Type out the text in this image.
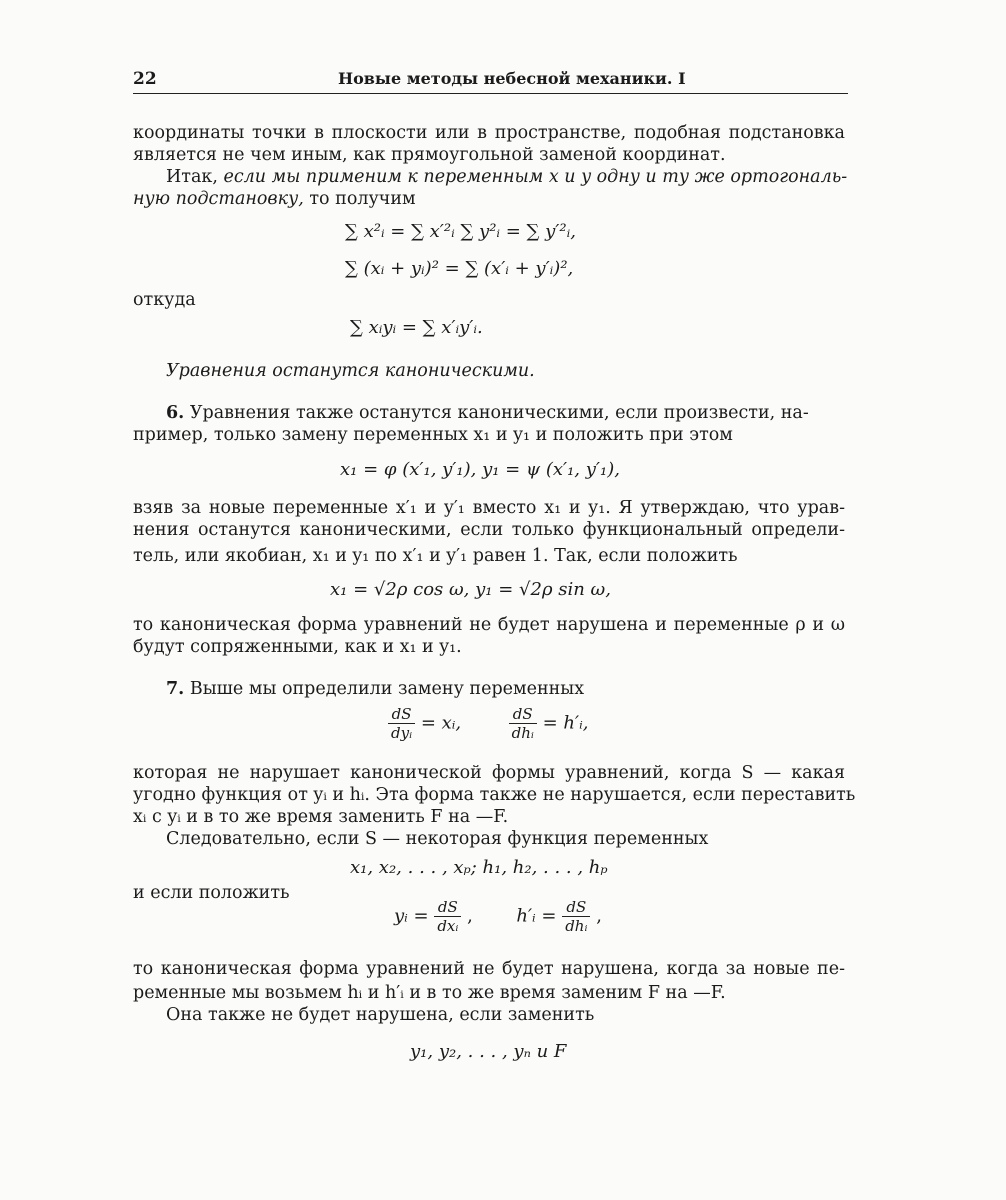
22	Новые методы небесной механики. I
координаты точки в плоскости или в пространстве, подобная подстановка
является не чем иным, как прямоугольной заменой координат.
Итак, если мы применим к переменным x и y одну и ту же ортогональ-
ную подстановку, то получим
∑ x²ᵢ = ∑ x′²ᵢ ∑ y²ᵢ = ∑ y′²ᵢ,
∑ (xᵢ + yᵢ)² = ∑ (x′ᵢ + y′ᵢ)²,
откуда
∑ xᵢyᵢ = ∑ x′ᵢy′ᵢ.
Уравнения останутся каноническими.
6. Уравнения также останутся каноническими, если произвести, на-
пример, только замену переменных x₁ и y₁ и положить при этом
x₁ = φ (x′₁, y′₁), y₁ = ψ (x′₁, y′₁),
взяв за новые переменные x′₁ и y′₁ вместо x₁ и y₁. Я утверждаю, что урав-
нения останутся каноническими, если только функциональный определи-
тель, или якобиан, x₁ и y₁ по x′₁ и y′₁ равен 1. Так, если положить
x₁ = √2ρ cos ω, y₁ = √2ρ sin ω,
то каноническая форма уравнений не будет нарушена и переменные ρ и ω
будут сопряженными, как и x₁ и y₁.
7. Выше мы определили замену переменных
$\frac{dS}{\text{dyᵢ}}$ = xᵢ,	$\frac{dS}{\text{dhᵢ}}$ = h′ᵢ,
которая не нарушает канонической формы уравнений, когда S — какая
угодно функция от yᵢ и hᵢ. Эта форма также не нарушается, если переставить
xᵢ с yᵢ и в то же время заменить F на —F.
Следовательно, если S — некоторая функция переменных
x₁, x₂, . . . , xₚ; h₁, h₂, . . . , hₚ
и если положить
yᵢ = $\frac{dS}{\text{dxᵢ}}$ , h′ᵢ = $\frac{dS}{\text{dhᵢ}}$ ,
то каноническая форма уравнений не будет нарушена, когда за новые пе-
ременные мы возьмем hᵢ и h′ᵢ и в то же время заменим F на —F.
Она также не будет нарушена, если заменить
y₁, y₂, . . . , yₙ и F
